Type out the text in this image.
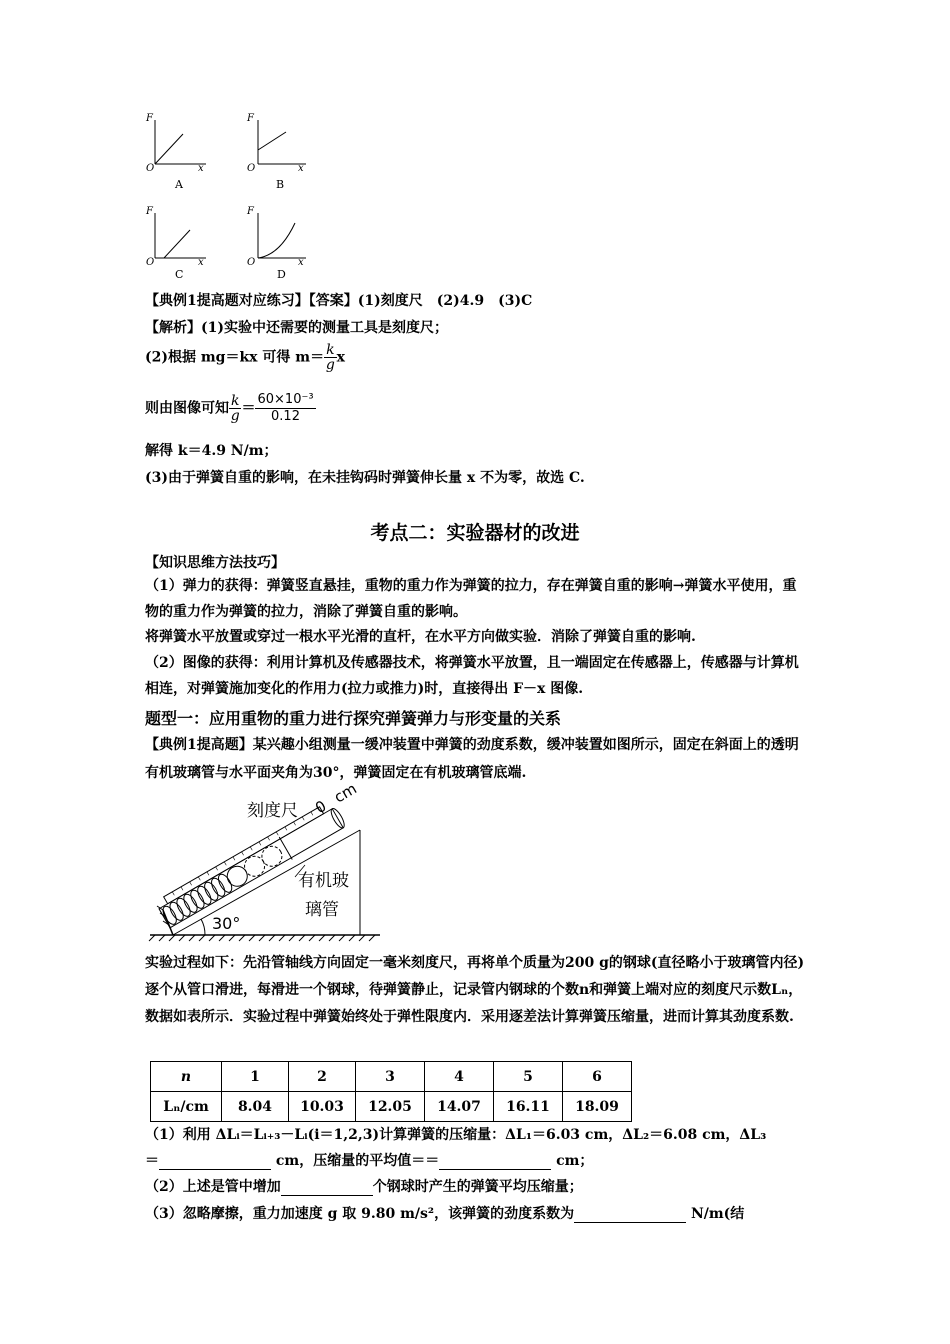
F
O	x
A
F
O	x
B
F
O	x
C
F
O	x
D
【典例1提高题对应练习】【答案】(1)刻度尺　(2)4.9　(3)C
【解析】(1)实验中还需要的测量工具是刻度尺；
(2)根据 mg＝kx 可得 $m= \frac{k}{g}$ x
则由图像可知 $\frac{k}{g} = \frac{\text{60×10⁻³}}{0.12}$
解得 k＝4.9 N/m；
(3)由于弹簧自重的影响，在未挂钩码时弹簧伸长量 x 不为零，故选 C.
考点二：实验器材的改进
【知识思维方法技巧】
（1）弹力的获得：弹簧竖直悬挂，重物的重力作为弹簧的拉力，存在弹簧自重的影响→弹簧水平使用，重物的重力作为弹簧的拉力，消除了弹簧自重的影响。
将弹簧水平放置或穿过一根水平光滑的直杆，在水平方向做实验．消除了弹簧自重的影响.
（2）图像的获得：利用计算机及传感器技术，将弹簧水平放置，且一端固定在传感器上，传感器与计算机相连，对弹簧施加变化的作用力(拉力或推力)时，直接得出 F－x 图像.
题型一：应用重物的重力进行探究弹簧弹力与形变量的关系
【典例1提高题】某兴趣小组测量一缓冲装置中弹簧的劲度系数，缓冲装置如图所示，固定在斜面上的透明有机玻璃管与水平面夹角为30°，弹簧固定在有机玻璃管底端.
刻度尺 0
cm
有机玻
璃管
30°
实验过程如下：先沿管轴线方向固定一毫米刻度尺，再将单个质量为200 g的钢球(直径略小于玻璃管内径)逐个从管口滑进，每滑进一个钢球，待弹簧静止，记录管内钢球的个数n和弹簧上端对应的刻度尺示数Lₙ，数据如表所示．实验过程中弹簧始终处于弹性限度内．采用逐差法计算弹簧压缩量，进而计算其劲度系数.
n	1	2	3	4	5	6
Lₙ/cm	8.04	10.03	12.05	14.07	16.11	18.09
（1）利用 ΔLᵢ＝Lᵢ₊₃－Lᵢ(i＝1,2,3)计算弹簧的压缩量：ΔL₁＝6.03 cm，ΔL₂＝6.08 cm，ΔL₃
＝	cm，压缩量的平均值＝＝	cm；
（2）上述是管中增加	个钢球时产生的弹簧平均压缩量；
（3）忽略摩擦，重力加速度 g 取 9.80 m/s²，该弹簧的劲度系数为	N/m(结
